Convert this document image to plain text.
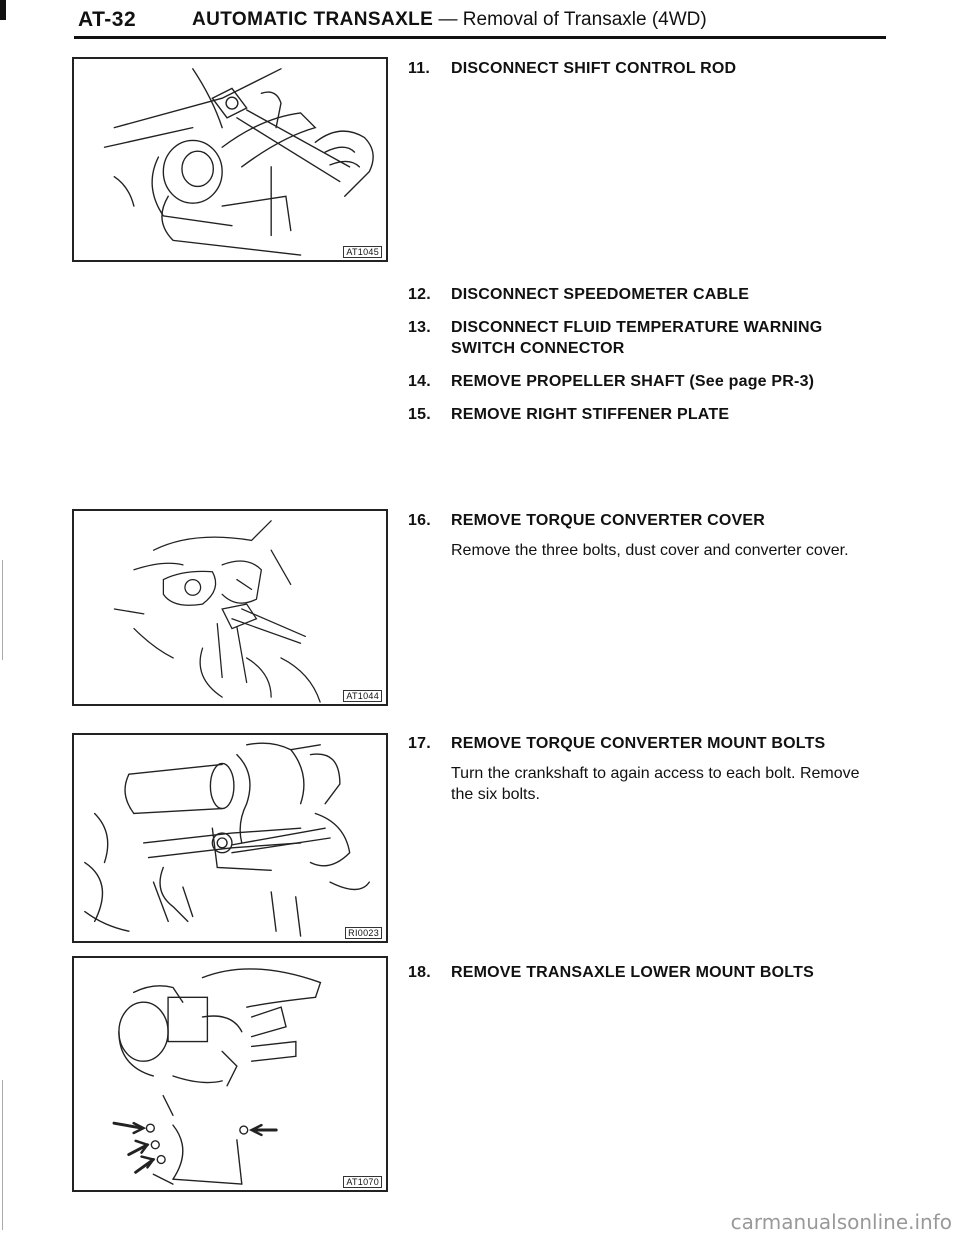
AT-32	AUTOMATIC TRANSAXLE — Removal of Transaxle (4WD)
AT1045
AT1044
RI0023
AT1070
11.	DISCONNECT SHIFT CONTROL ROD
12.	DISCONNECT SPEEDOMETER CABLE
13.	DISCONNECT FLUID TEMPERATURE WARNING SWITCH CONNECTOR
14.	REMOVE PROPELLER SHAFT (See page PR-3)
15.	REMOVE RIGHT STIFFENER PLATE
16.	REMOVE TORQUE CONVERTER COVER
Remove the three bolts, dust cover and converter cover.
17.	REMOVE TORQUE CONVERTER MOUNT BOLTS
Turn the crankshaft to again access to each bolt. Remove the six bolts.
18.	REMOVE TRANSAXLE LOWER MOUNT BOLTS
carmanualsonline.info
